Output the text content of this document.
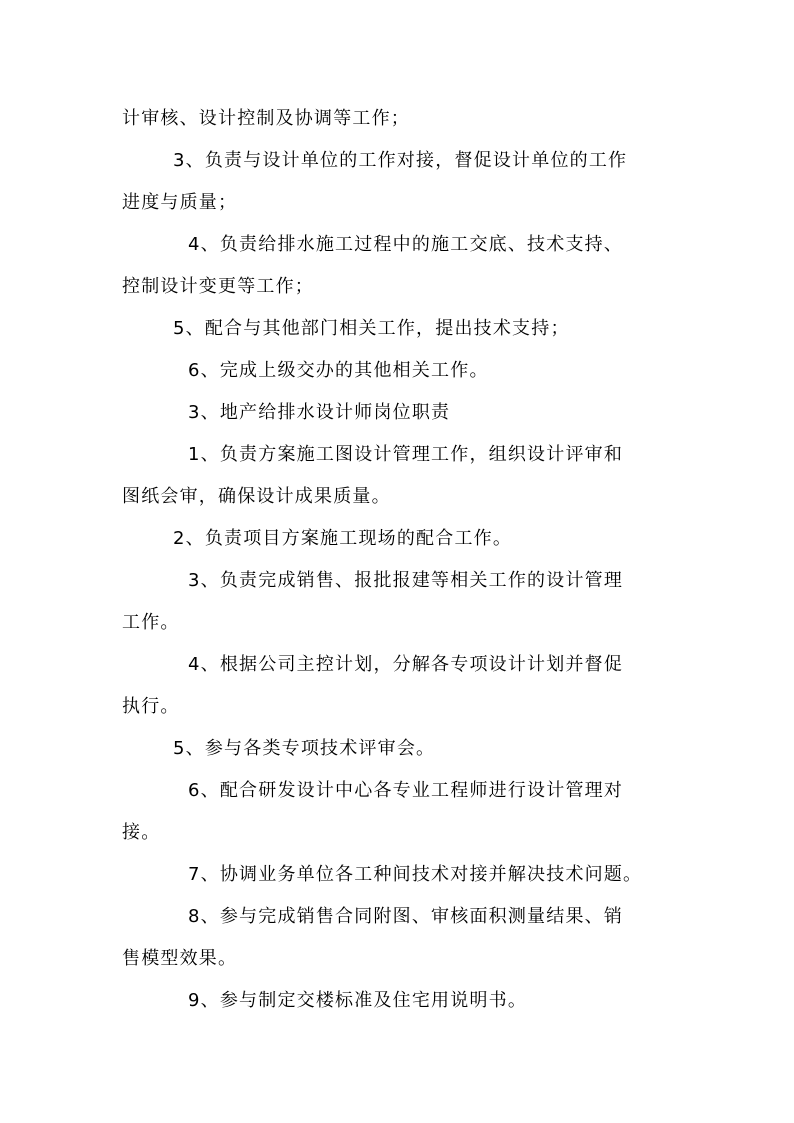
计审核、设计控制及协调等工作；
3、负责与设计单位的工作对接，督促设计单位的工作
进度与质量；
4、负责给排水施工过程中的施工交底、技术支持、
控制设计变更等工作；
5、配合与其他部门相关工作，提出技术支持；
6、完成上级交办的其他相关工作。
3、地产给排水设计师岗位职责
1、负责方案施工图设计管理工作，组织设计评审和
图纸会审，确保设计成果质量。
2、负责项目方案施工现场的配合工作。
3、负责完成销售、报批报建等相关工作的设计管理
工作。
4、根据公司主控计划，分解各专项设计计划并督促
执行。
5、参与各类专项技术评审会。
6、配合研发设计中心各专业工程师进行设计管理对
接。
7、协调业务单位各工种间技术对接并解决技术问题。
8、参与完成销售合同附图、审核面积测量结果、销
售模型效果。
9、参与制定交楼标准及住宅用说明书。
